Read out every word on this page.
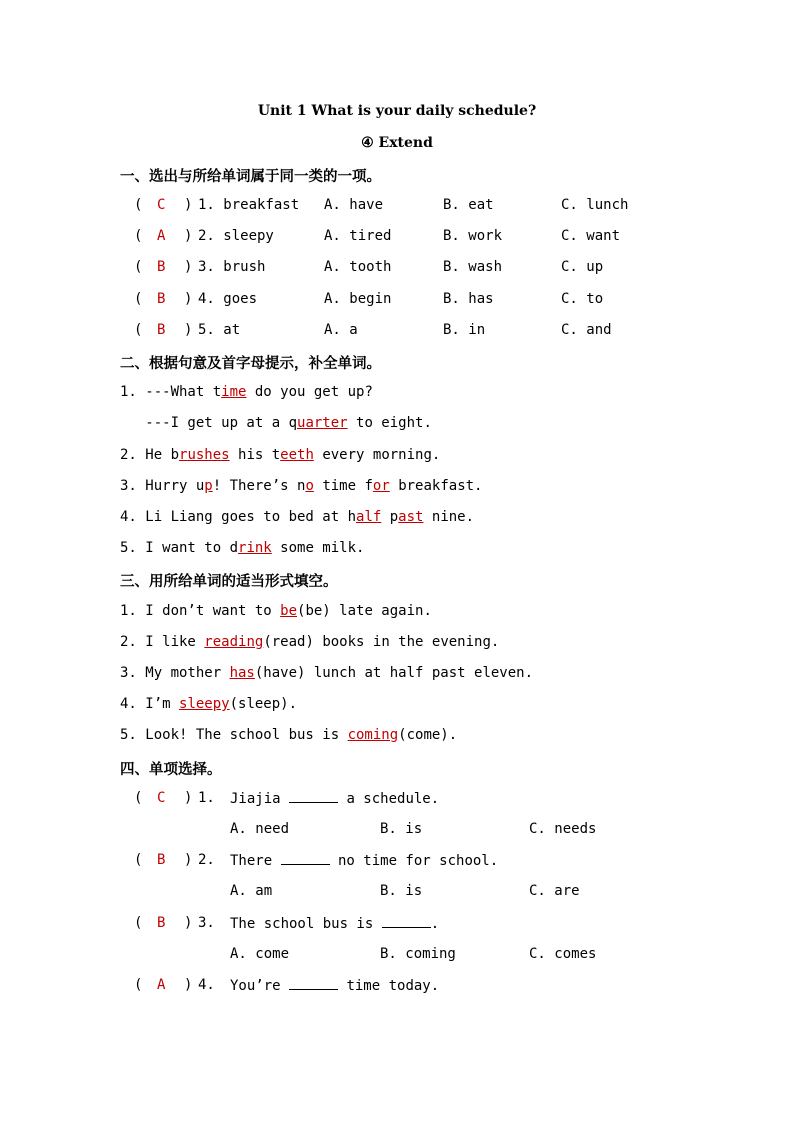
Unit 1 What is your daily schedule?
④ Extend
一、选出与所给单词属于同一类的一项。
( C ) 1. breakfast A. have	B. eat	C. lunch
( A ) 2. sleepy	A. tired	B. work	C. want
( B ) 3. brush	A. tooth	B. wash	C. up
( B ) 4. goes	A. begin	B. has	C. to
( B ) 5. at	A. a	B. in	C. and
二、根据句意及首字母提示，补全单词。
1. ---What time do you get up?
---I get up at a quarter to eight.
2. He brushes his teeth every morning.
3. Hurry up! There’s no time for breakfast.
4. Li Liang goes to bed at half past nine.
5. I want to drink some milk.
三、用所给单词的适当形式填空。
1. I don’t want to be(be) late again.
2. I like reading(read) books in the evening.
3. My mother has(have) lunch at half past eleven.
4. I’m sleepy(sleep).
5. Look! The school bus is coming(come).
四、单项选择。
( C ) 1. Jiajia	a schedule.
A. need	B. is	C. needs
( B ) 2. There	no time for school.
A. am	B. is	C. are
( B ) 3. The school bus is	.
A. come	B. coming	C. comes
( A ) 4. You’re	time today.
